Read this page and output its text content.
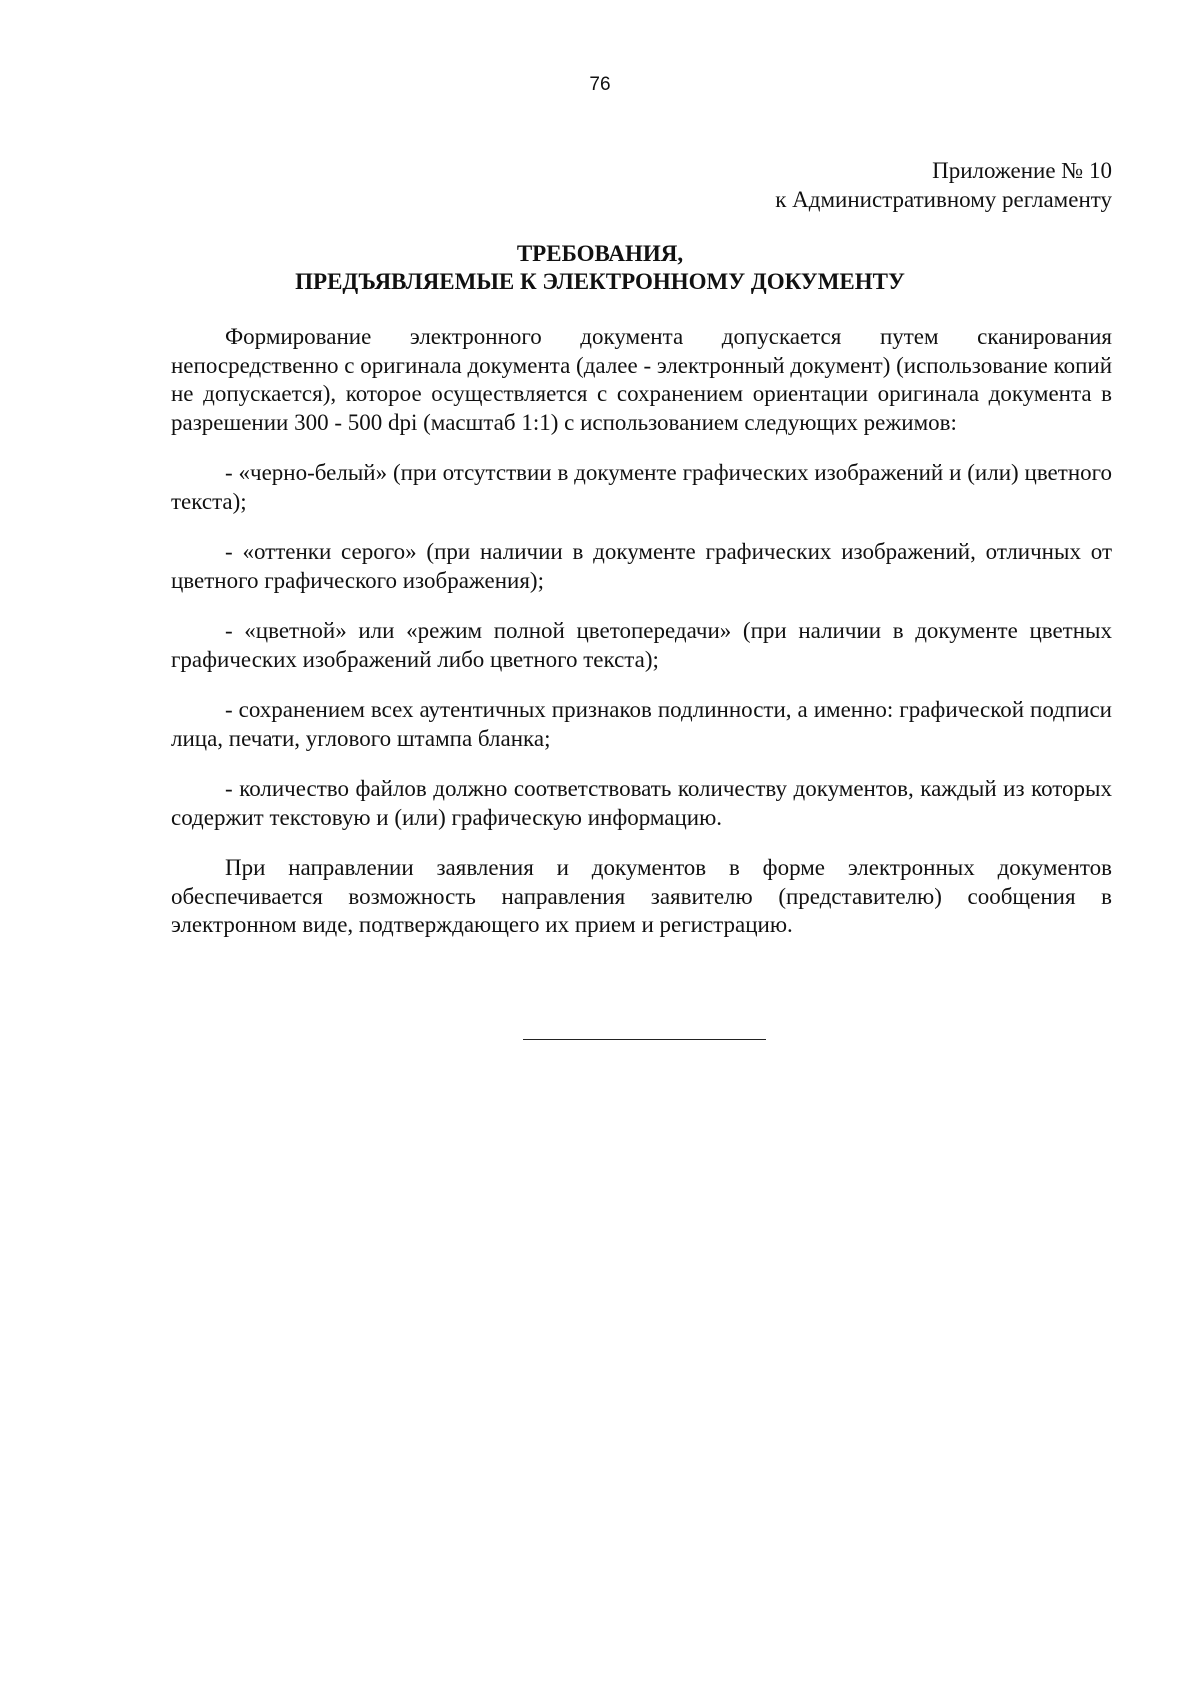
76
Приложение № 10
к Административному регламенту
ТРЕБОВАНИЯ,
ПРЕДЪЯВЛЯЕМЫЕ К ЭЛЕКТРОННОМУ ДОКУМЕНТУ

Формирование электронного документа допускается путем сканирования непосредственно с оригинала документа (далее - электронный документ) (использование копий не допускается), которое осуществляется с сохранением ориентации оригинала документа в разрешении 300 - 500 dpi (масштаб 1:1) с использованием следующих режимов:

- «черно-белый» (при отсутствии в документе графических изображений и (или) цветного текста);

- «оттенки серого» (при наличии в документе графических изображений, отличных от цветного графического изображения);

- «цветной» или «режим полной цветопередачи» (при наличии в документе цветных графических изображений либо цветного текста);

- сохранением всех аутентичных признаков подлинности, а именно: графической подписи лица, печати, углового штампа бланка;

- количество файлов должно соответствовать количеству документов, каждый из которых содержит текстовую и (или) графическую информацию.

При направлении заявления и документов в форме электронных документов обеспечивается возможность направления заявителю (представителю) сообщения в электронном виде, подтверждающего их прием и регистрацию.
